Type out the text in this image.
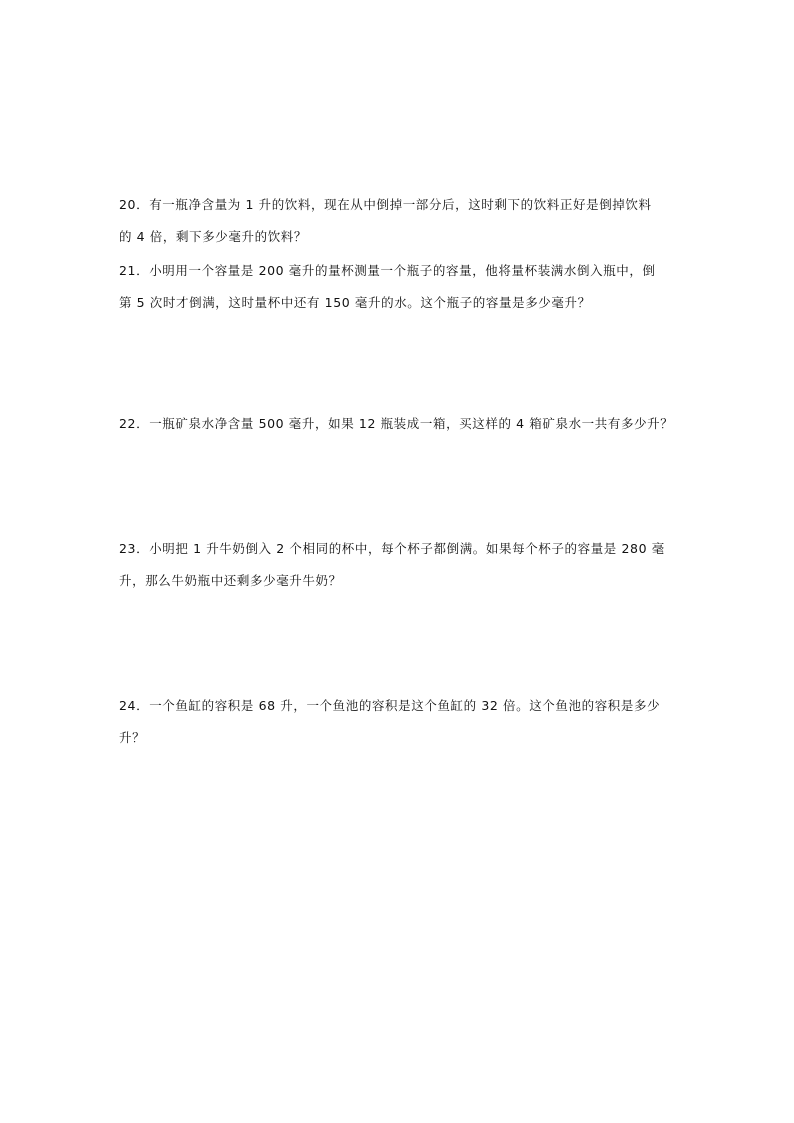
20．有一瓶净含量为 1 升的饮料，现在从中倒掉一部分后，这时剩下的饮料正好是倒掉饮料
的 4 倍，剩下多少毫升的饮料？
21．小明用一个容量是 200 毫升的量杯测量一个瓶子的容量，他将量杯装满水倒入瓶中，倒
第 5 次时才倒满，这时量杯中还有 150 毫升的水。这个瓶子的容量是多少毫升？
22．一瓶矿泉水净含量 500 毫升，如果 12 瓶装成一箱，买这样的 4 箱矿泉水一共有多少升？
23．小明把 1 升牛奶倒入 2 个相同的杯中，每个杯子都倒满。如果每个杯子的容量是 280 毫
升，那么牛奶瓶中还剩多少毫升牛奶？
24．一个鱼缸的容积是 68 升，一个鱼池的容积是这个鱼缸的 32 倍。这个鱼池的容积是多少
升？
